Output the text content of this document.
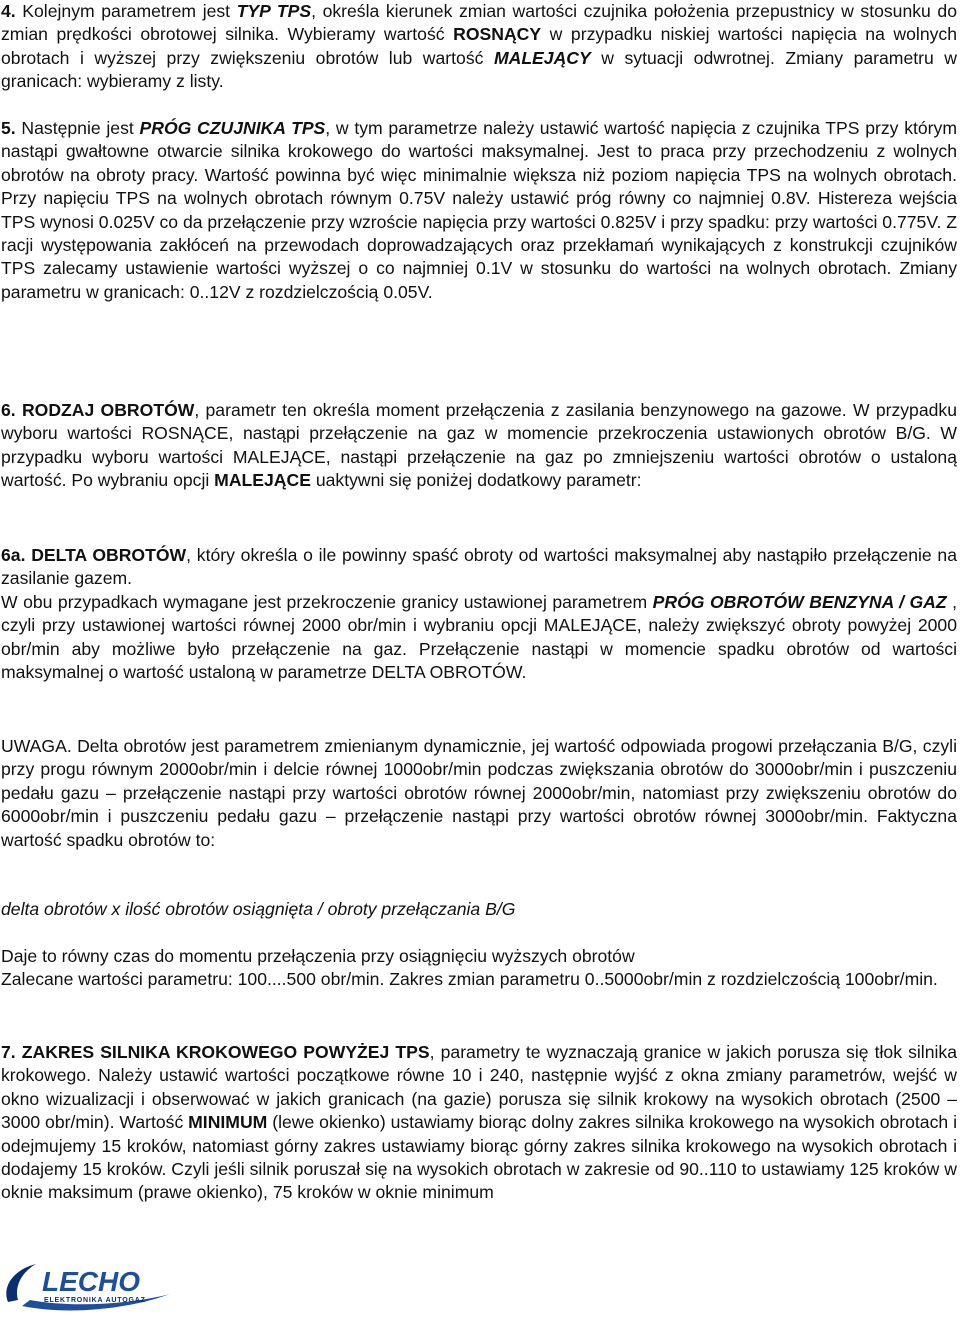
4. Kolejnym parametrem jest TYP TPS, określa kierunek zmian wartości czujnika położenia przepustnicy w stosunku do zmian prędkości obrotowej silnika. Wybieramy wartość ROSNĄCY w przypadku niskiej wartości napięcia na wolnych obrotach i wyższej przy zwiększeniu obrotów lub wartość MALEJĄCY w sytuacji odwrotnej. Zmiany parametru w granicach: wybieramy z listy.

5. Następnie jest PRÓG CZUJNIKA TPS, w tym parametrze należy ustawić wartość napięcia z czujnika TPS przy którym nastąpi gwałtowne otwarcie silnika krokowego do wartości maksymalnej. Jest to praca przy przechodzeniu z wolnych obrotów na obroty pracy. Wartość powinna być więc minimalnie większa niż poziom napięcia TPS na wolnych obrotach. Przy napięciu TPS na wolnych obrotach równym 0.75V należy ustawić próg równy co najmniej 0.8V. Histereza wejścia TPS wynosi 0.025V co da przełączenie przy wzroście napięcia przy wartości 0.825V i przy spadku: przy wartości 0.775V. Z racji występowania zakłóceń na przewodach doprowadzających oraz przekłamań wynikających z konstrukcji czujników TPS zalecamy ustawienie wartości wyższej o co najmniej 0.1V w stosunku do wartości na wolnych obrotach. Zmiany parametru w granicach: 0..12V z rozdzielczością 0.05V.

6. RODZAJ OBROTÓW, parametr ten określa moment przełączenia z zasilania benzynowego na gazowe. W przypadku wyboru wartości ROSNĄCE, nastąpi przełączenie na gaz w momencie przekroczenia ustawionych obrotów B/G. W przypadku wyboru wartości MALEJĄCE, nastąpi przełączenie na gaz po zmniejszeniu wartości obrotów o ustaloną wartość. Po wybraniu opcji MALEJĄCE uaktywni się poniżej dodatkowy parametr:

6a. DELTA OBROTÓW, który określa o ile powinny spaść obroty od wartości maksymalnej aby nastąpiło przełączenie na zasilanie gazem.

W obu przypadkach wymagane jest przekroczenie granicy ustawionej parametrem PRÓG OBROTÓW BENZYNA / GAZ , czyli przy ustawionej wartości równej 2000 obr/min i wybraniu opcji MALEJĄCE, należy zwiększyć obroty powyżej 2000 obr/min aby możliwe było przełączenie na gaz. Przełączenie nastąpi w momencie spadku obrotów od wartości maksymalnej o wartość ustaloną w parametrze DELTA OBROTÓW.

UWAGA. Delta obrotów jest parametrem zmienianym dynamicznie, jej wartość odpowiada progowi przełączania B/G, czyli przy progu równym 2000obr/min i delcie równej 1000obr/min podczas zwiększania obrotów do 3000obr/min i puszczeniu pedału gazu – przełączenie nastąpi przy wartości obrotów równej 2000obr/min, natomiast przy zwiększeniu obrotów do 6000obr/min i puszczeniu pedału gazu – przełączenie nastąpi przy wartości obrotów równej 3000obr/min. Faktyczna wartość spadku obrotów to:

delta obrotów x ilość obrotów osiągnięta / obroty przełączania B/G

Daje to równy czas do momentu przełączenia przy osiągnięciu wyższych obrotów

Zalecane wartości parametru: 100....500 obr/min. Zakres zmian parametru 0..5000obr/min z rozdzielczością 100obr/min.

7. ZAKRES SILNIKA KROKOWEGO POWYŻEJ TPS, parametry te wyznaczają granice w jakich porusza się tłok silnika krokowego. Należy ustawić wartości początkowe równe 10 i 240, następnie wyjść z okna zmiany parametrów, wejść w okno wizualizacji i obserwować w jakich granicach (na gazie) porusza się silnik krokowy na wysokich obrotach (2500 – 3000 obr/min). Wartość MINIMUM (lewe okienko) ustawiamy biorąc dolny zakres silnika krokowego na wysokich obrotach i odejmujemy 15 kroków, natomiast górny zakres ustawiamy biorąc górny zakres silnika krokowego na wysokich obrotach i dodajemy 15 kroków. Czyli jeśli silnik poruszał się na wysokich obrotach w zakresie od 90..110 to ustawiamy 125 kroków w oknie maksimum (prawe okienko), 75 kroków w oknie minimum

LECHO
ELEKTRONIKA AUTOGAZ
